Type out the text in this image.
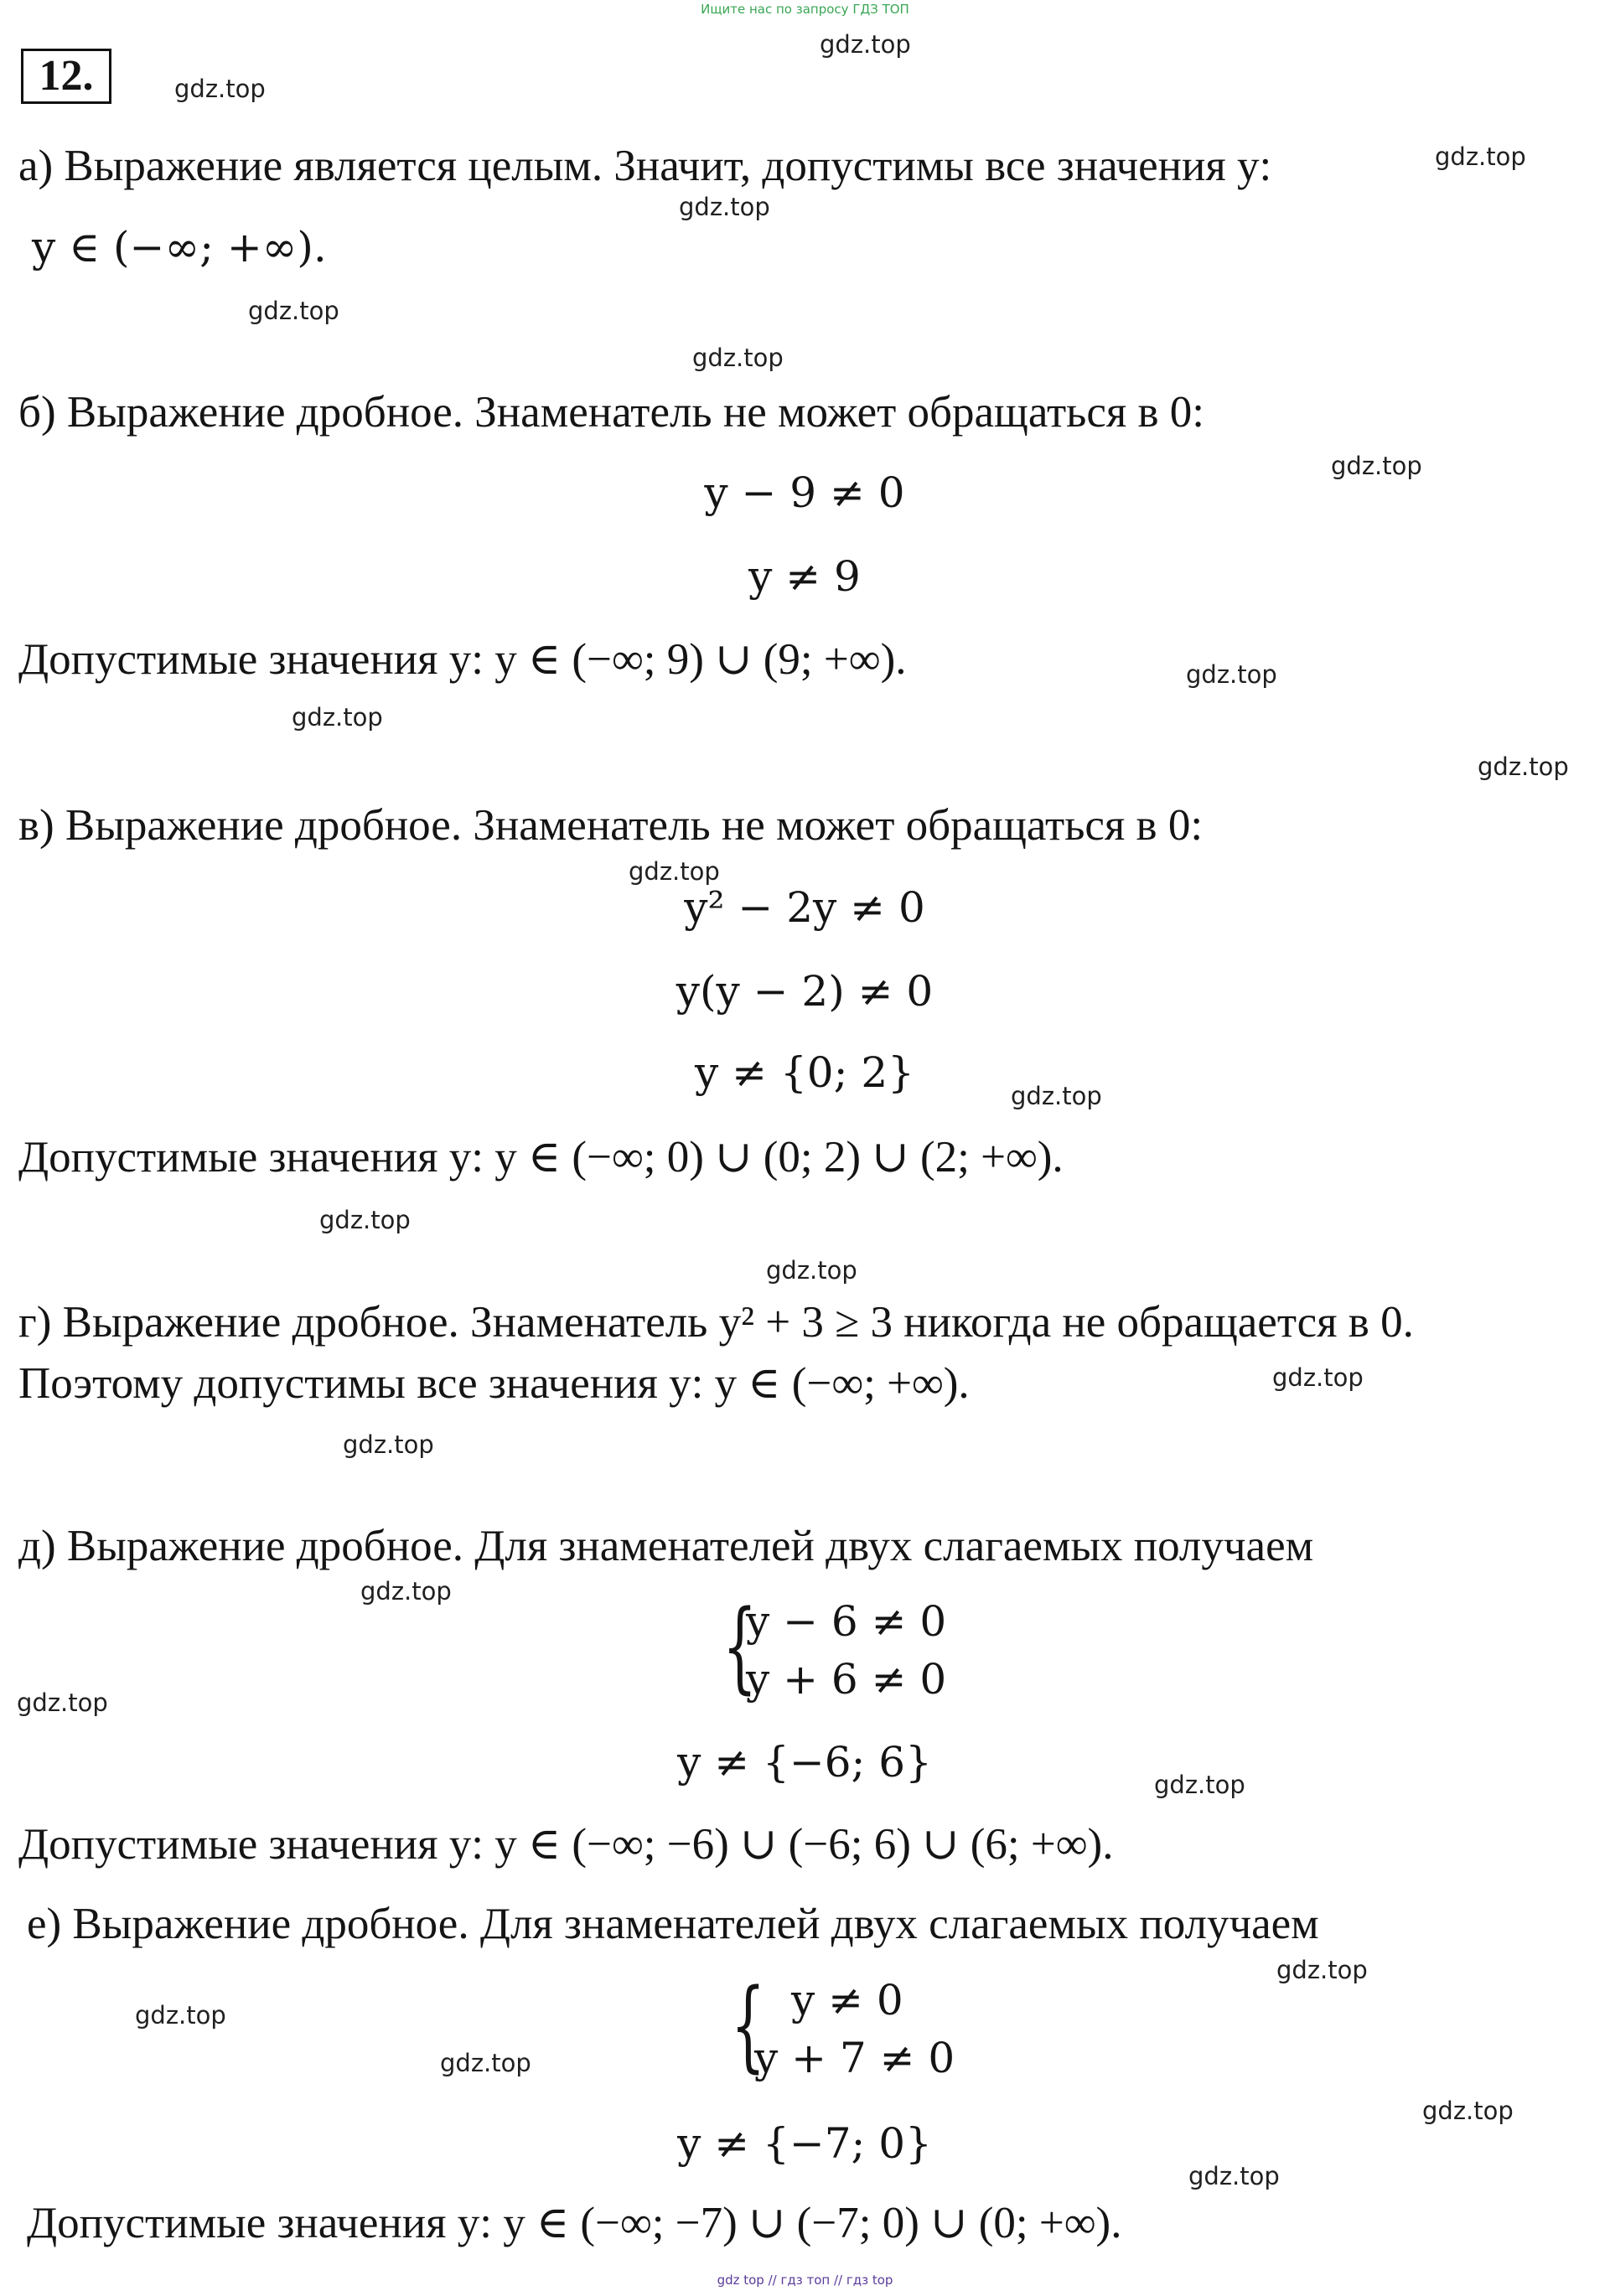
Ищите нас по запросу ГДЗ ТОП
12.
gdz.top
gdz.top
gdz.top
gdz.top
gdz.top
gdz.top
gdz.top
gdz.top
gdz.top
gdz.top
gdz.top
gdz.top
gdz.top
gdz.top
gdz.top
gdz.top
gdz.top
gdz.top
gdz.top
gdz.top
gdz.top
gdz.top
gdz.top
gdz.top
а) Выражение является целым. Значит, допустимы все значения y:
y ∈ (−∞; +∞).
б) Выражение дробное. Знаменатель не может обращаться в 0:
y − 9 ≠ 0
y ≠ 9
Допустимые значения y: y ∈ (−∞; 9) ∪ (9; +∞).
в) Выражение дробное. Знаменатель не может обращаться в 0:
y² − 2y ≠ 0
y(y − 2) ≠ 0
y ≠ {0; 2}
Допустимые значения y: y ∈ (−∞; 0) ∪ (0; 2) ∪ (2; +∞).
г) Выражение дробное. Знаменатель y² + 3 ≥ 3 никогда не обращается в 0.
Поэтому допустимы все значения y: y ∈ (−∞; +∞).
д) Выражение дробное. Для знаменателей двух слагаемых получаем
{
y − 6 ≠ 0
y + 6 ≠ 0
y ≠ {−6; 6}
Допустимые значения y: y ∈ (−∞; −6) ∪ (−6; 6) ∪ (6; +∞).
е) Выражение дробное. Для знаменателей двух слагаемых получаем
{ y ≠ 0
y + 7 ≠ 0
y ≠ {−7; 0}
Допустимые значения y: y ∈ (−∞; −7) ∪ (−7; 0) ∪ (0; +∞).
gdz top // гдз топ // гдз top
